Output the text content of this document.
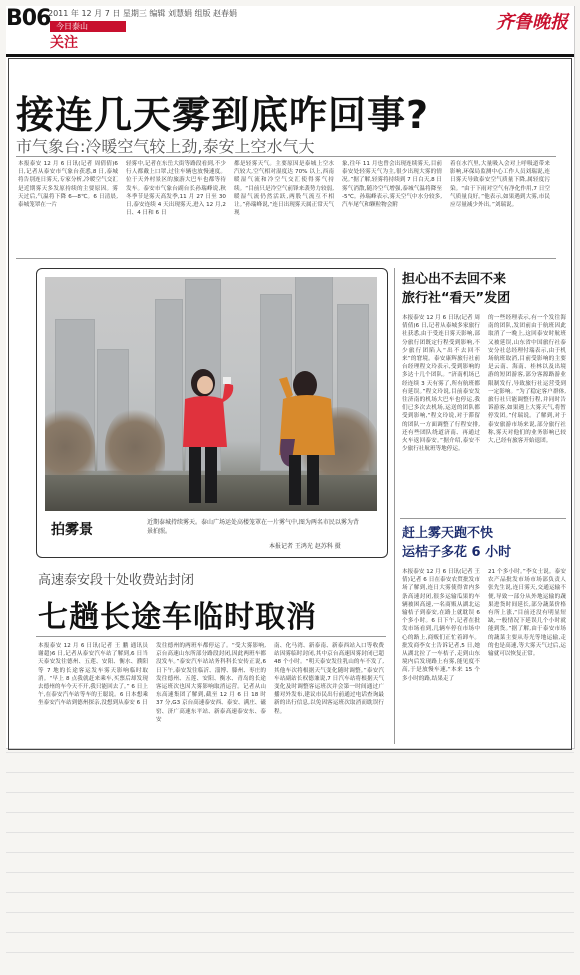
B06
2011 年 12 月 7 日 星期三 编辑 刘慧娟 组版 赵春娟
今日泰山
关注
齐鲁晚报
接连几天雾到底咋回事?
市气象台:冷暖空气较上劲,泰安上空水气大
本报泰安 12 月 6 日讯(记者 周倩倩)6 日,记者从泰安市气象台获悉,8 日,泰城将告别连日雾天,专家分析,冷暖空气交汇是近期雾天多发原持续的主要原因。雾天过后,气温将下降 6—8℃。6 日清晨,泰城笼罩在一片
轻雾中,记者在东岳大街等路段看到,不少行人都戴上口罩,过往车辆也放慢速度。位于天外村景区的旅游大巴车也都等待发车。泰安市气象台副台长孙瑞峰说,秋冬季节是雾天高发季,11 月 27 日至 30 日,泰安连续 4 天出现雾天,进入 12 月,2 日、4 日和 6 日
都是轻雾天气。主要原因是泰城上空水汽较大,空气相对湿度达 70% 以上,西南暖湿气流和冷空气交汇使得雾气持续。“目前只是冷空气前锋来袭势力较弱,暖湿气流仍然活跃,两股气流互不相让。”孙瑞峰说,“连日出现雾天属正常天气现
象,往年 11 月也曾会出现连续雾天,目前泰安处轻雾天气为主,很少出现大雾的情况。”据了解,轻雾将持续到 7 日白天,8 日雾气消散,随冷空气增强,泰城气温将降至 -5℃。孙瑞峰表示,雾天空气中水分较多,汽车尾气和颗粒物会附
着在水汽里,大量吸入会对上呼吸道带来影响,环保局监测中心工作人员刘瑞说,连日雾天导致泰安空气质量下降,属轻度污染。“由于下雨对空气有净化作用,7 日空气质量良好。”他表示,如果遇到大雾,市民应尽量减少外出。”刘瑞说。
拍雾景	近期泰城持续雾天。泰山广场运处高楼笼罩在一片雾气中,图为两名市民以雾为背景拍照。
本报记者 王鸿光 赵苏科 摄
高速泰安段十处收费站封闭
七趟长途车临时取消
本报泰安 12 月 6 日讯(记者 王 鹏 通讯员 谢超)6 日,记者从泰安汽车站了解到,6 日当天泰安发往德州、五莲、安阳、衡水、濮阳等 7 地的长途客运发车雾天影响临时取消。“早上 8 点我就赶来乘车,买票后却发现去德州的车今天不开,我只能回去了。” 6 日上午,在泰安汽车站等车的王聪说。6 日本想乘坐泰安汽车站到德州探亲,没想到从泰安 6 日
发往德州的两班车都停运了。“受大雾影响,京台高速山东所部分路段封闭,因此两班车都没发车。”泰安汽车站站务科科长安传正说,6 日下午,泰安发往临沂、淄博、滕州、枣庄的发往德州、五莲、安阳、衡水、青岛的长途客运班次也因大雾影响取消运营。记者从山东高速集团了解到,截至 12 月 6 日 18 时 37 分,G3 京台高速泰安西、泰安、满庄、磁窑、济广高速东平站、新泰高速泰安东、泰安
南、化马湾、新泰南、新泰西站入口等收费站因雾临时封闭,其中京台高速因雾封闭已超 48 个小时。“明天泰安发往乳山的车不发了,其他车次将根据天气变化随时调整。”泰安汽车站副站长权德兼说,7 日汽车站将根据天气变化及时调整客运班次并会第一时间通过广播对外发布,建议市民出行前通过电话查询最新的出行信息,以免因客运班次取消而耽误行程。
担心出不去回不来
旅行社“看天”发团
本报泰安 12 月 6 日讯(记者 周倩倩)6 日,记者从泰城多家旅行社获悉,由于受连日雾天影响,部分旅行团既定行程受到影响,不少旅行团陷入“出不去回不来”的窘境。泰安康辉旅行社前台经理程文玲表示,受到影响的多达十几个团队。“济南机场已经连续 3 天有雾了,所有航班都有延误。”程文玲说,目前泰安发往济南的机场大巴车也停运,我们已多次去机场,运送的团队都受到影响,“程文玲说,对于滞留的团队一方面调整了行程安排,还有些团队绕道济南、再通过火车返回泰安。”据介绍,泰安不少旅行社航班等地停运。
的一些经理表示,有一个发往海南的团队,发团前由于航班因此取消了一晚上,这回泰安时航班又被延误,山东省中国旅行社泰安分社总经理付瑞表示,由于机场航班取消,目前受影响的主要是云南、海南、桂林以及出境游的短团游客,部分客源路游业限制发行,导致旅行社运营受到一定影响。“为了稳定客户群体,旅行社只能调整行程,并同时告诉游客,如果遇上大雾天气,将暂停发团。”付瑞说。了解到,对于泰安旅游市场来说,部分旅行社称,雾天对他们的业务影响已较大,已经有旅客开始退团。
赶上雾天跑不快
运桔子多花 6 小时
本报泰安 12 月 6 日讯(记者 王倩)记者 6 日在泰安农贸批发市场了解到,连日大雾使得省内多条高速封闭,很多运输瓜果的车辆被困高速,一名商贩从湖北运输桔子到泰安,在路上就耽误 6 个多小时。6 日下午,记者在批发市场看到,几辆车停在市场中心的路上,商贩们正忙着卸车。批发商李女士告诉记者,5 日,她从湖北拉了一车桔子,走到山东境内后发现路上有雾,能见度不高,于是放慢车速,“本来 15 个多小时的路,结果走了
21 个多小时。”李女士说。泰安农产品批发市场市场部负责人张先生说,连日雾天,交通运输不便,导致一部分从外地运输的蔬果进货时间延长,部分蔬菜价格有所上涨,“目前还没有明显短缺,一般情况下延误几个小时就能到货。”据了解,由于泰安市场的蔬菜主要从寿光等地运输,走的也是高速,等大雾天气过后,运输就可以恢复正常。
